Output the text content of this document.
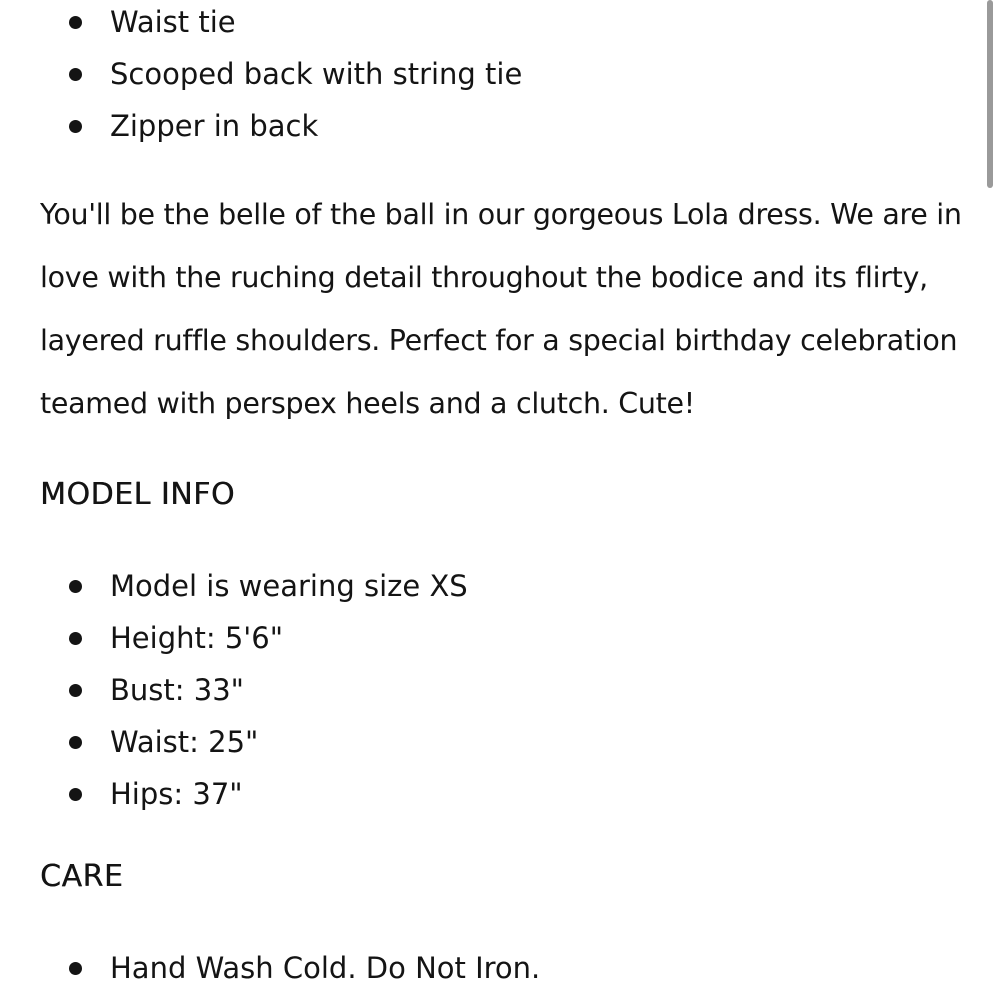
Waist tie
Scooped back with string tie
Zipper in back

You'll be the belle of the ball in our gorgeous Lola dress. We are in love with the ruching detail throughout the bodice and its flirty, layered ruffle shoulders. Perfect for a special birthday celebration teamed with perspex heels and a clutch. Cute!

MODEL INFO
Model is wearing size XS
Height: 5'6"
Bust: 33"
Waist: 25"
Hips: 37"
CARE
Hand Wash Cold. Do Not Iron.
